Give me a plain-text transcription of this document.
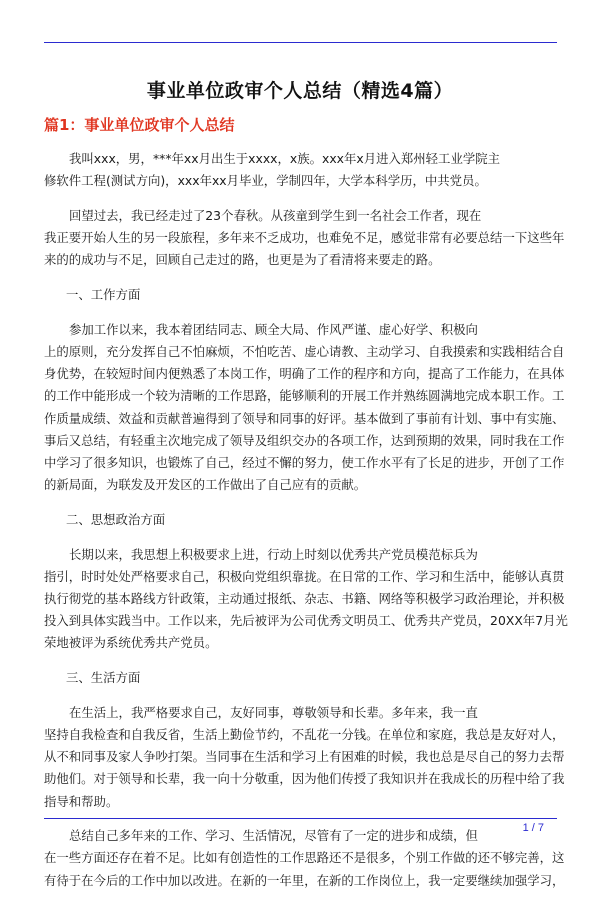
事业单位政审个人总结（精选4篇）
篇1：事业单位政审个人总结

我叫xxx，男，***年xx月出生于xxxx，x族。xxx年x月进入郑州轻工业学院主
修软件工程(测试方向)，xxx年xx月毕业，学制四年，大学本科学历，中共党员。

回望过去，我已经走过了23个春秋。从孩童到学生到一名社会工作者，现在
我正要开始人生的另一段旅程，多年来不乏成功，也难免不足，感觉非常有必要总结一下这些年
来的的成功与不足，回顾自己走过的路，也更是为了看清将来要走的路。

一、工作方面

参加工作以来，我本着团结同志、顾全大局、作风严谨、虚心好学、积极向
上的原则，充分发挥自己不怕麻烦，不怕吃苦、虚心请教、主动学习、自我摸索和实践相结合自
身优势，在较短时间内便熟悉了本岗工作，明确了工作的程序和方向，提高了工作能力，在具体
的工作中能形成一个较为清晰的工作思路，能够顺利的开展工作并熟练圆满地完成本职工作。工
作质量成绩、效益和贡献普遍得到了领导和同事的好评。基本做到了事前有计划、事中有实施、
事后又总结，有轻重主次地完成了领导及组织交办的各项工作，达到预期的效果，同时我在工作
中学习了很多知识，也锻炼了自己，经过不懈的努力，使工作水平有了长足的进步，开创了工作
的新局面，为联发及开发区的工作做出了自己应有的贡献。

二、思想政治方面

长期以来，我思想上积极要求上进，行动上时刻以优秀共产党员模范标兵为
指引，时时处处严格要求自己，积极向党组织靠拢。在日常的工作、学习和生活中，能够认真贯
执行彻党的基本路线方针政策，主动通过报纸、杂志、书籍、网络等积极学习政治理论，并积极
投入到具体实践当中。工作以来，先后被评为公司优秀文明员工、优秀共产党员，20XX年7月光
荣地被评为系统优秀共产党员。

三、生活方面

在生活上，我严格要求自己，友好同事，尊敬领导和长辈。多年来，我一直
坚持自我检查和自我反省，生活上勤俭节约，不乱花一分钱。在单位和家庭，我总是友好对人，
从不和同事及家人争吵打架。当同事在生活和学习上有困难的时候，我也总是尽自己的努力去帮
助他们。对于领导和长辈，我一向十分敬重，因为他们传授了我知识并在我成长的历程中给了我
指导和帮助。

总结自己多年来的工作、学习、生活情况，尽管有了一定的进步和成绩，但
在一些方面还存在着不足。比如有创造性的工作思路还不是很多，个别工作做的还不够完善，这
有待于在今后的工作中加以改进。在新的一年里，在新的工作岗位上，我一定要继续加强学习，

1 / 7
